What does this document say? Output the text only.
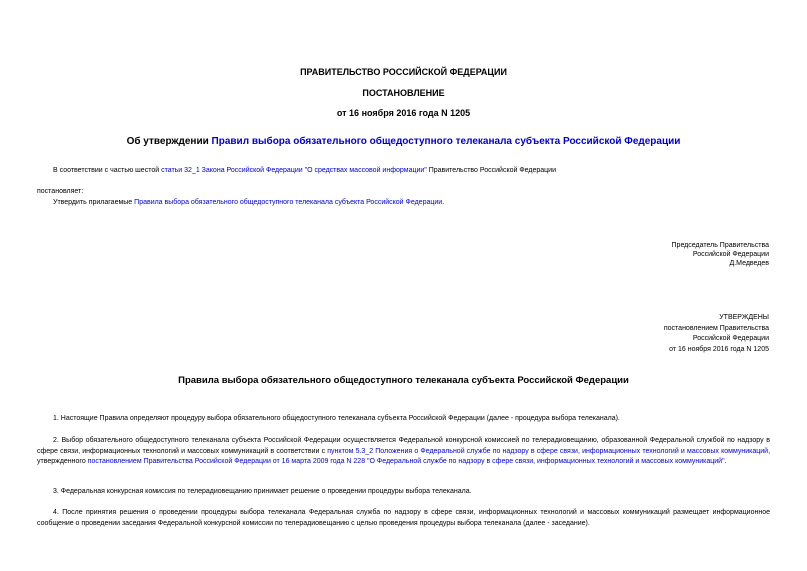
ПРАВИТЕЛЬСТВО РОССИЙСКОЙ ФЕДЕРАЦИИ
ПОСТАНОВЛЕНИЕ
от 16 ноября 2016 года N 1205
Об утверждении Правил выбора обязательного общедоступного телеканала субъекта Российской Федерации
В соответствии с частью шестой статьи 32_1 Закона Российской Федерации "О средствах массовой информации" Правительство Российской Федерации
постановляет:
Утвердить прилагаемые Правила выбора обязательного общедоступного телеканала субъекта Российской Федерации.
Председатель Правительства
Российской Федерации
Д.Медведев
УТВЕРЖДЕНЫ
постановлением Правительства
Российской Федерации
от 16 ноября 2016 года N 1205
Правила выбора обязательного общедоступного телеканала субъекта Российской Федерации
1. Настоящие Правила определяют процедуру выбора обязательного общедоступного телеканала субъекта Российской Федерации (далее - процедура выбора телеканала).
2. Выбор обязательного общедоступного телеканала субъекта Российской Федерации осуществляется Федеральной конкурсной комиссией по телерадиовещанию, образованной Федеральной службой по надзору в сфере связи, информационных технологий и массовых коммуникаций в соответствии с пунктом 5.3_2 Положения о Федеральной службе по надзору в сфере связи, информационных технологий и массовых коммуникаций, утвержденного постановлением Правительства Российской Федерации от 16 марта 2009 года N 228 "О Федеральной службе по надзору в сфере связи, информационных технологий и массовых коммуникаций".
3. Федеральная конкурсная комиссия по телерадиовещанию принимает решение о проведении процедуры выбора телеканала.
4. После принятия решения о проведении процедуры выбора телеканала Федеральная служба по надзору в сфере связи, информационных технологий и массовых коммуникаций размещает информационное сообщение о проведении заседания Федеральной конкурсной комиссии по телерадиовещанию с целью проведения процедуры выбора телеканала (далее - заседание).
